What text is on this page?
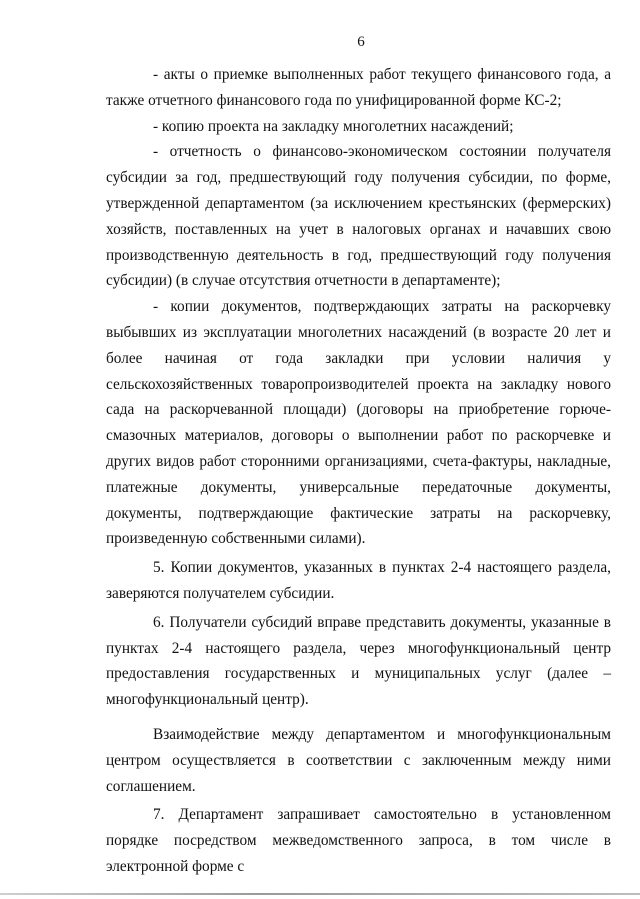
6

- акты о приемке выполненных работ текущего финансового года, а также отчетного финансового года по унифицированной форме КС-2;

- копию проекта на закладку многолетних насаждений;

- отчетность о финансово-экономическом состоянии получателя субсидии за год, предшествующий году получения субсидии, по форме, утвержденной департаментом (за исключением крестьянских (фермерских) хозяйств, поставленных на учет в налоговых органах и начавших свою производственную деятельность в год, предшествующий году получения субсидии) (в случае отсутствия отчетности в департаменте);

- копии документов, подтверждающих затраты на раскорчевку выбывших из эксплуатации многолетних насаждений (в возрасте 20 лет и более начиная от года закладки при условии наличия у сельскохозяйственных товаропроизводителей проекта на закладку нового сада на раскорчеванной площади) (договоры на приобретение горюче-смазочных материалов, договоры о выполнении работ по раскорчевке и других видов работ сторонними организациями, счета-фактуры, накладные, платежные документы, универсальные передаточные документы, документы, подтверждающие фактические затраты на раскорчевку, произведенную собственными силами).

5. Копии документов, указанных в пунктах 2-4 настоящего раздела, заверяются получателем субсидии.

6. Получатели субсидий вправе представить документы, указанные в пунктах 2-4 настоящего раздела, через многофункциональный центр предоставления государственных и муниципальных услуг (далее – многофункциональный центр).

Взаимодействие между департаментом и многофункциональным центром осуществляется в соответствии с заключенным между ними соглашением.

7. Департамент запрашивает самостоятельно в установленном порядке посредством межведомственного запроса, в том числе в электронной форме с
